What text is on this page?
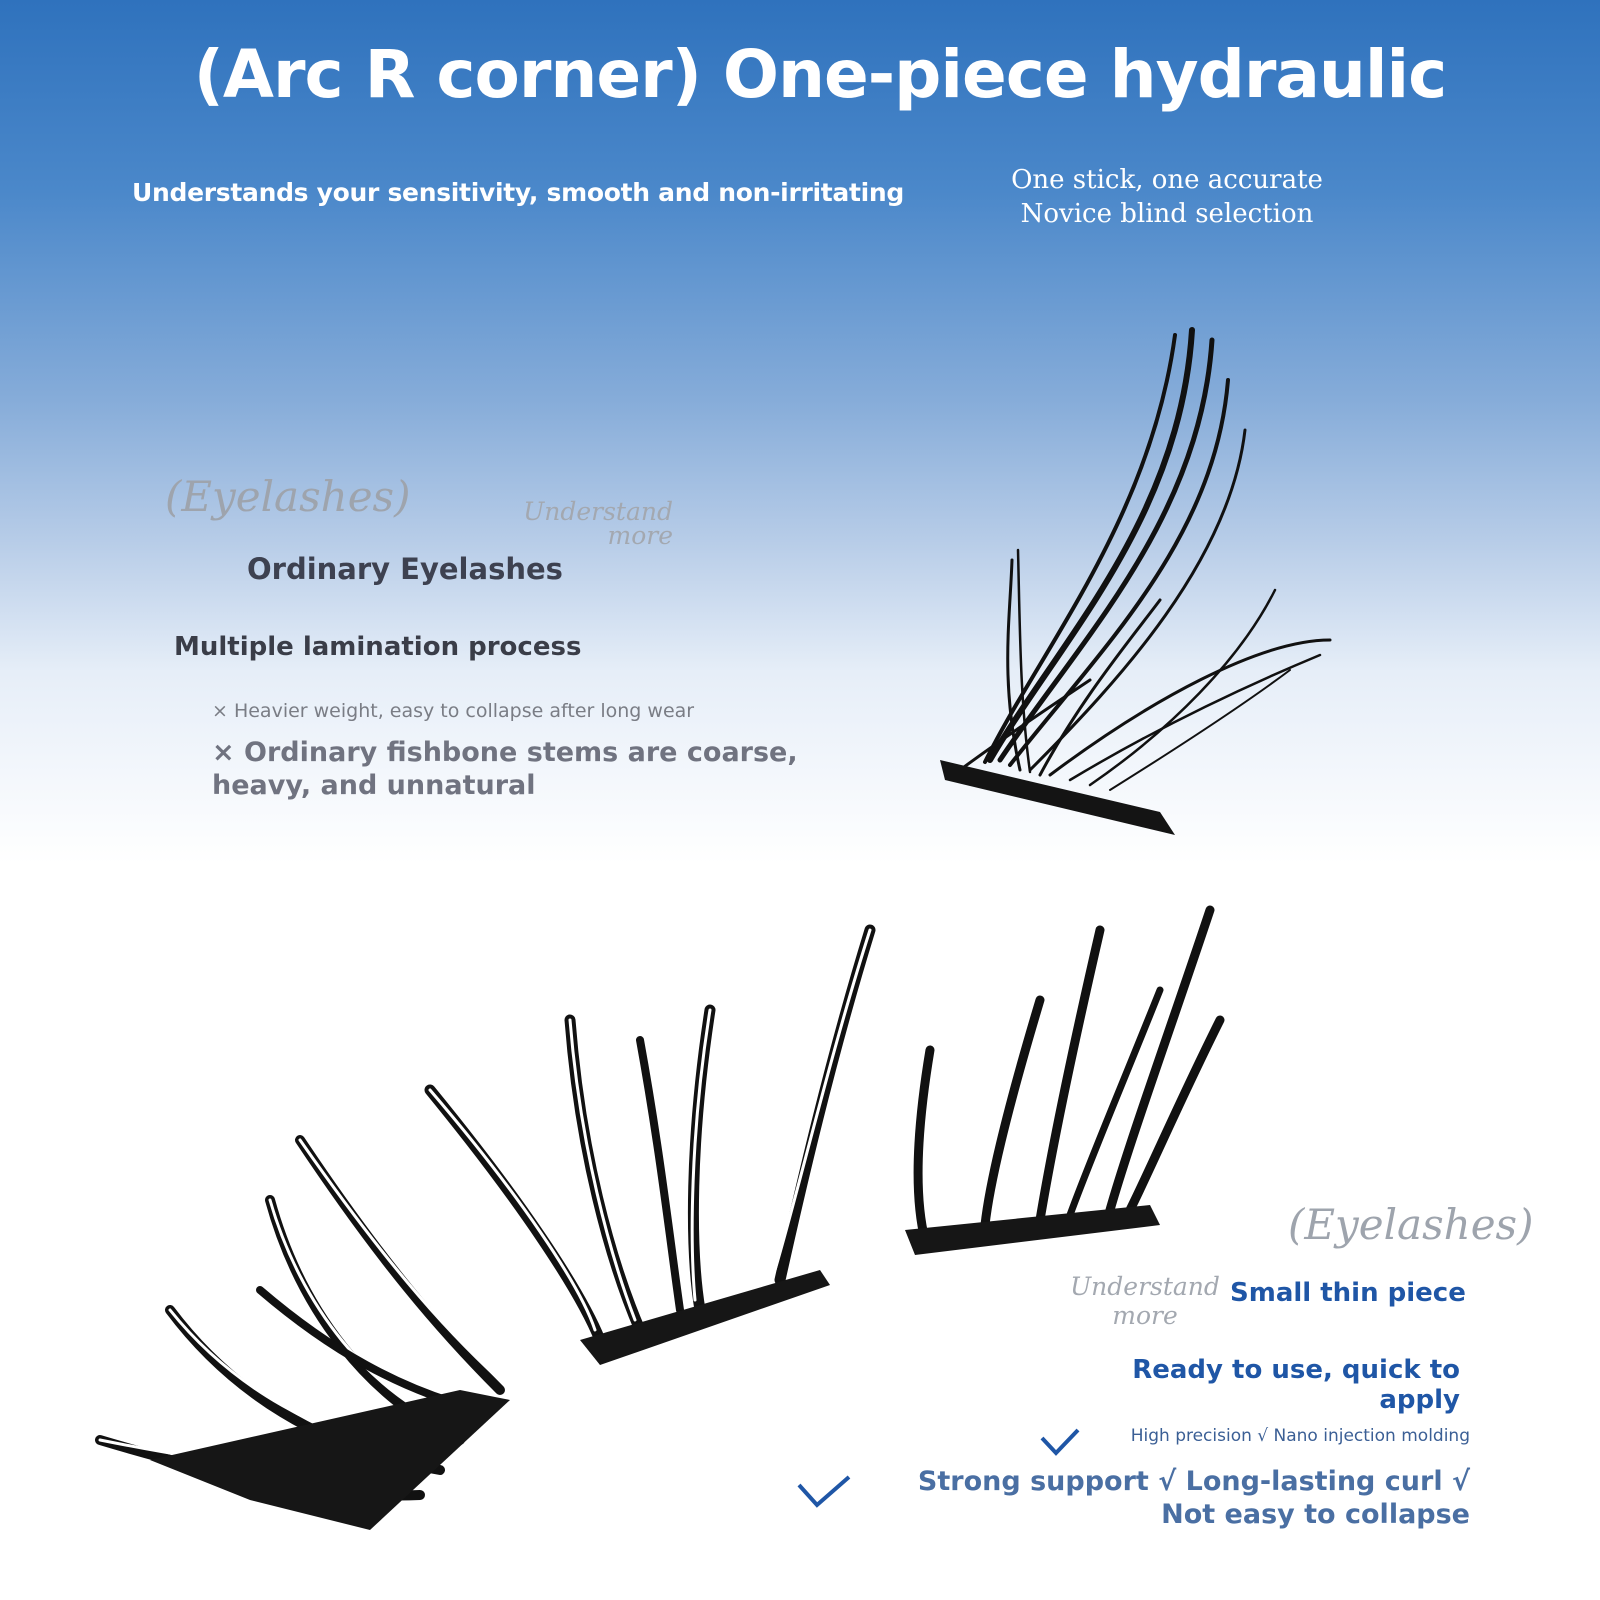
(Arc R corner) One-piece hydraulic
Understands your sensitivity, smooth and non-irritating	One stick, one accurate
Novice blind selection
(Eyelashes)	Understand
more
Ordinary Eyelashes
Multiple lamination process
× Heavier weight, easy to collapse after long wear
× Ordinary fishbone stems are coarse, heavy, and unnatural
(Eyelashes)
Understand
more
Small thin piece
Ready to use, quick to apply
High precision √ Nano injection molding
Strong support √ Long-lasting curl √ Not easy to collapse
